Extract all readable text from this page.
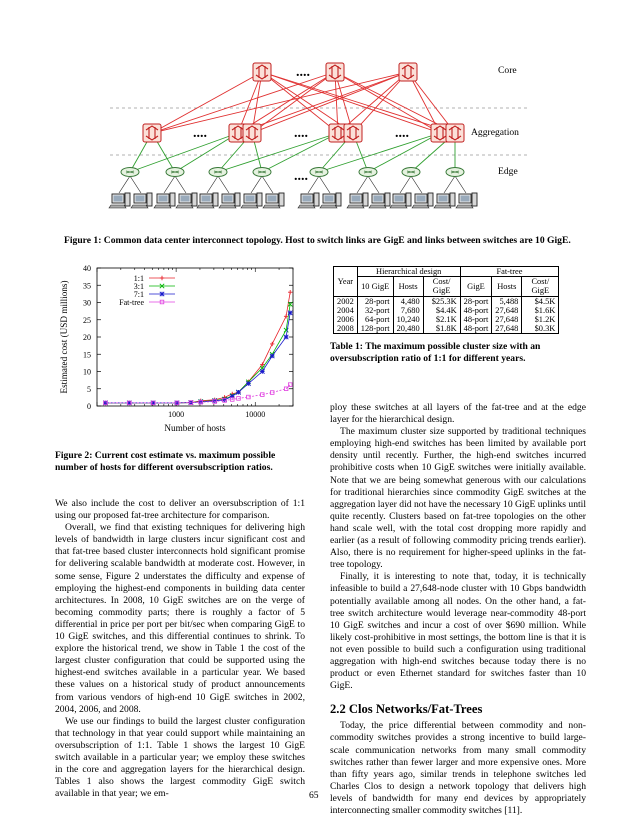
....
....	....	....
....
Core
Aggregation
Edge
Figure 1: Common data center interconnect topology. Host to switch links are GigE and links between switches are 10 GigE.
0
5
10
15
20
25
30
35
40
1000	10000
Number of hosts
Estimated cost (USD millions)
1:1
3:1
7:1
Fat-tree
Figure 2: Current cost estimate vs. maximum possible number of hosts for different oversubscription ratios.
Year	Hierarchical design			Fat-tree		
	10 GigE	Hosts	Cost/ GigE	GigE	Hosts	Cost/ GigE
2002	28-port	4,480	$25.3K	28-port	5,488	$4.5K
2004	32-port	7,680	$4.4K	48-port	27,648	$1.6K
2006	64-port	10,240	$2.1K	48-port	27,648	$1.2K
2008	128-port	20,480	$1.8K	48-port	27,648	$0.3K
Table 1: The maximum possible cluster size with an oversubscription ratio of 1:1 for different years.

We also include the cost to deliver an oversubscription of 1:1 using our proposed fat-tree architecture for comparison.

Overall, we find that existing techniques for delivering high levels of bandwidth in large clusters incur significant cost and that fat-tree based cluster interconnects hold significant promise for delivering scalable bandwidth at moderate cost. However, in some sense, Figure 2 understates the difficulty and expense of employing the highest-end components in building data center architectures. In 2008, 10 GigE switches are on the verge of becoming commodity parts; there is roughly a factor of 5 differential in price per port per bit/sec when comparing GigE to 10 GigE switches, and this differential continues to shrink. To explore the historical trend, we show in Table 1 the cost of the largest cluster configuration that could be supported using the highest-end switches available in a particular year. We based these values on a historical study of product announcements from various vendors of high-end 10 GigE switches in 2002, 2004, 2006, and 2008.

We use our findings to build the largest cluster configuration that technology in that year could support while maintaining an oversubscription of 1:1. Table 1 shows the largest 10 GigE switch available in a particular year; we employ these switches in the core and aggregation layers for the hierarchical design. Tables 1 also shows the largest commodity GigE switch available in that year; we em-

ploy these switches at all layers of the fat-tree and at the edge layer for the hierarchical design.

The maximum cluster size supported by traditional techniques employing high-end switches has been limited by available port density until recently. Further, the high-end switches incurred prohibitive costs when 10 GigE switches were initially available. Note that we are being somewhat generous with our calculations for traditional hierarchies since commodity GigE switches at the aggregation layer did not have the necessary 10 GigE uplinks until quite recently. Clusters based on fat-tree topologies on the other hand scale well, with the total cost dropping more rapidly and earlier (as a result of following commodity pricing trends earlier). Also, there is no requirement for higher-speed uplinks in the fat-tree topology.

Finally, it is interesting to note that, today, it is technically infeasible to build a 27,648-node cluster with 10 Gbps bandwidth potentially available among all nodes. On the other hand, a fat-tree switch architecture would leverage near-commodity 48-port 10 GigE switches and incur a cost of over $690 million. While likely cost-prohibitive in most settings, the bottom line is that it is not even possible to build such a configuration using traditional aggregation with high-end switches because today there is no product or even Ethernet standard for switches faster than 10 GigE.

2.2 Clos Networks/Fat-Trees

Today, the price differential between commodity and non-commodity switches provides a strong incentive to build large-scale communication networks from many small commodity switches rather than fewer larger and more expensive ones. More than fifty years ago, similar trends in telephone switches led Charles Clos to design a network topology that delivers high levels of bandwidth for many end devices by appropriately interconnecting smaller commodity switches [11].

65
